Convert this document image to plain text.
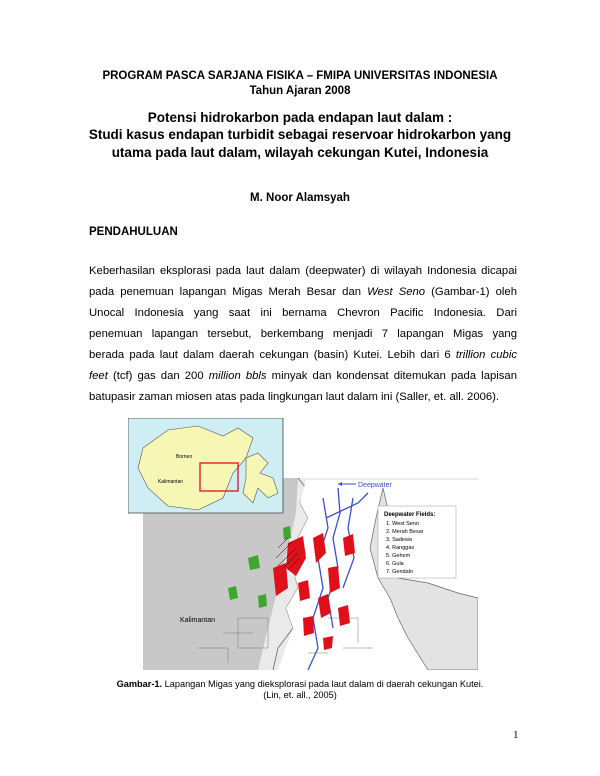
PROGRAM PASCA SARJANA FISIKA – FMIPA UNIVERSITAS INDONESIA
Tahun Ajaran 2008
Potensi hidrokarbon pada endapan laut dalam :
Studi kasus endapan turbidit sebagai reservoar hidrokarbon yang
utama pada laut dalam, wilayah cekungan Kutei, Indonesia
M. Noor Alamsyah
PENDAHULUAN
Keberhasilan eksplorasi pada laut dalam (deepwater) di wilayah Indonesia dicapai
pada penemuan lapangan Migas Merah Besar dan West Seno (Gambar-1) oleh
Unocal Indonesia yang saat ini bernama Chevron Pacific Indonesia. Dari
penemuan lapangan tersebut, berkembang menjadi 7 lapangan Migas yang
berada pada laut dalam daerah cekungan (basin) Kutei. Lebih dari 6 trillion cubic
feet (tcf) gas dan 200 million bbls minyak dan kondensat ditemukan pada lapisan
batupasir zaman miosen atas pada lingkungan laut dalam ini (Saller, et. all. 2006).
Borneo
Kalimantan
Kalimantan
Deepwater
Deepwater Fields:
1. West Seno
2. Merah Besar
3. Sadewa
4. Ranggas
5. Gehem
6. Gula
7. Gendalo
Gambar-1. Lapangan Migas yang dieksplorasi pada laut dalam di daerah cekungan Kutei.
(Lin, et. all., 2005)
1
